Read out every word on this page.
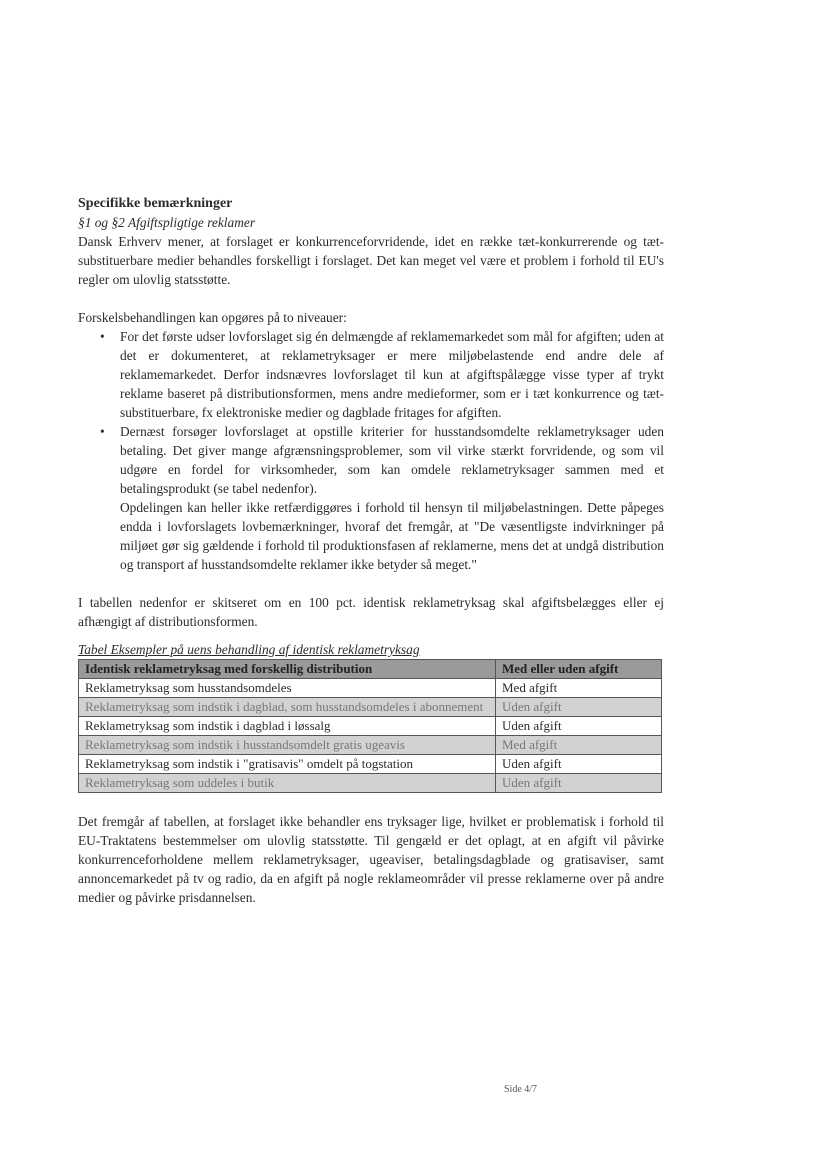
Specifikke bemærkninger

§1 og §2 Afgiftspligtige reklamer

Dansk Erhverv mener, at forslaget er konkurrenceforvridende, idet en række tæt-konkurrerende og tæt-substituerbare medier behandles forskelligt i forslaget. Det kan meget vel være et problem i forhold til EU's regler om ulovlig statsstøtte.

Forskelsbehandlingen kan opgøres på to niveauer:

• For det første udser lovforslaget sig én delmængde af reklamemarkedet som mål for afgiften; uden at det er dokumenteret, at reklametryksager er mere miljøbelastende end andre dele af reklamemarkedet. Derfor indsnævres lovforslaget til kun at afgiftspålægge visse typer af trykt reklame baseret på distributionsformen, mens andre medieformer, som er i tæt konkurrence og tæt-substituerbare, fx elektroniske medier og dagblade fritages for afgiften.
• Dernæst forsøger lovforslaget at opstille kriterier for husstandsomdelte reklametryksager uden betaling. Det giver mange afgrænsningsproblemer, som vil virke stærkt forvridende, og som vil udgøre en fordel for virksomheder, som kan omdele reklametryksager sammen med et betalingsprodukt (se tabel nedenfor).

Opdelingen kan heller ikke retfærdiggøres i forhold til hensyn til miljøbelastningen. Dette påpeges endda i lovforslagets lovbemærkninger, hvoraf det fremgår, at "De væsentligste indvirkninger på miljøet gør sig gældende i forhold til produktionsfasen af reklamerne, mens det at undgå distribution og transport af husstandsomdelte reklamer ikke betyder så meget."

I tabellen nedenfor er skitseret om en 100 pct. identisk reklametryksag skal afgiftsbelægges eller ej afhængigt af distributionsformen.

Tabel Eksempler på uens behandling af identisk reklametryksag
Identisk reklametryksag med forskellig distribution	Med eller uden afgift
Reklametryksag som husstandsomdeles	Med afgift
Reklametryksag som indstik i dagblad, som husstandsomdeles i abonnement	Uden afgift
Reklametryksag som indstik i dagblad i løssalg	Uden afgift
Reklametryksag som indstik i husstandsomdelt gratis ugeavis	Med afgift
Reklametryksag som indstik i "gratisavis" omdelt på togstation	Uden afgift
Reklametryksag som uddeles i butik	Uden afgift

Det fremgår af tabellen, at forslaget ikke behandler ens tryksager lige, hvilket er problematisk i forhold til EU-Traktatens bestemmelser om ulovlig statsstøtte. Til gengæld er det oplagt, at en afgift vil påvirke konkurrenceforholdene mellem reklametryksager, ugeaviser, betalingsdagblade og gratisaviser, samt annoncemarkedet på tv og radio, da en afgift på nogle reklameområder vil presse reklamerne over på andre medier og påvirke prisdannelsen.

Side 4/7
